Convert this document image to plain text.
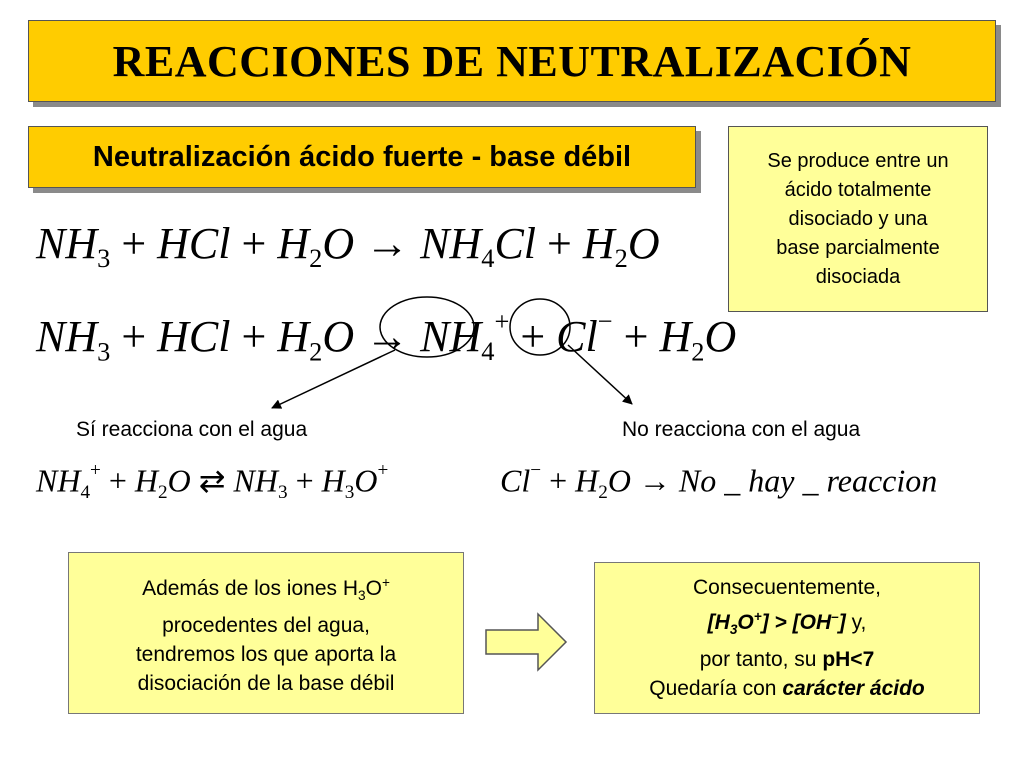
REACCIONES DE NEUTRALIZACIÓN
Neutralización ácido fuerte - base débil	Se produce entre un
ácido totalmente
disociado y una
base parcialmente
disociada
$NH_3$ + HCl + $H_2O \to NH_4Cl + H_2O$
$NH_3$ + HCl + $H_2O \to NH_4^+ + Cl^- + H_2O$
Sí reacciona con el agua	No reacciona con el agua
$NH_4^+ + H_2O$ ⇄ $NH_3 + H_3O^+$	$Cl^- + H_2O \to No$ _ hay _ reaccion
Además de los iones $H_3O^+$
procedentes del agua,
tendremos los que aporta la
disociación de la base débil
Consecuentemente,
$[H_3O^+] > [OH^-]$ y,
por tanto, su pH<7
Quedaría con carácter ácido
